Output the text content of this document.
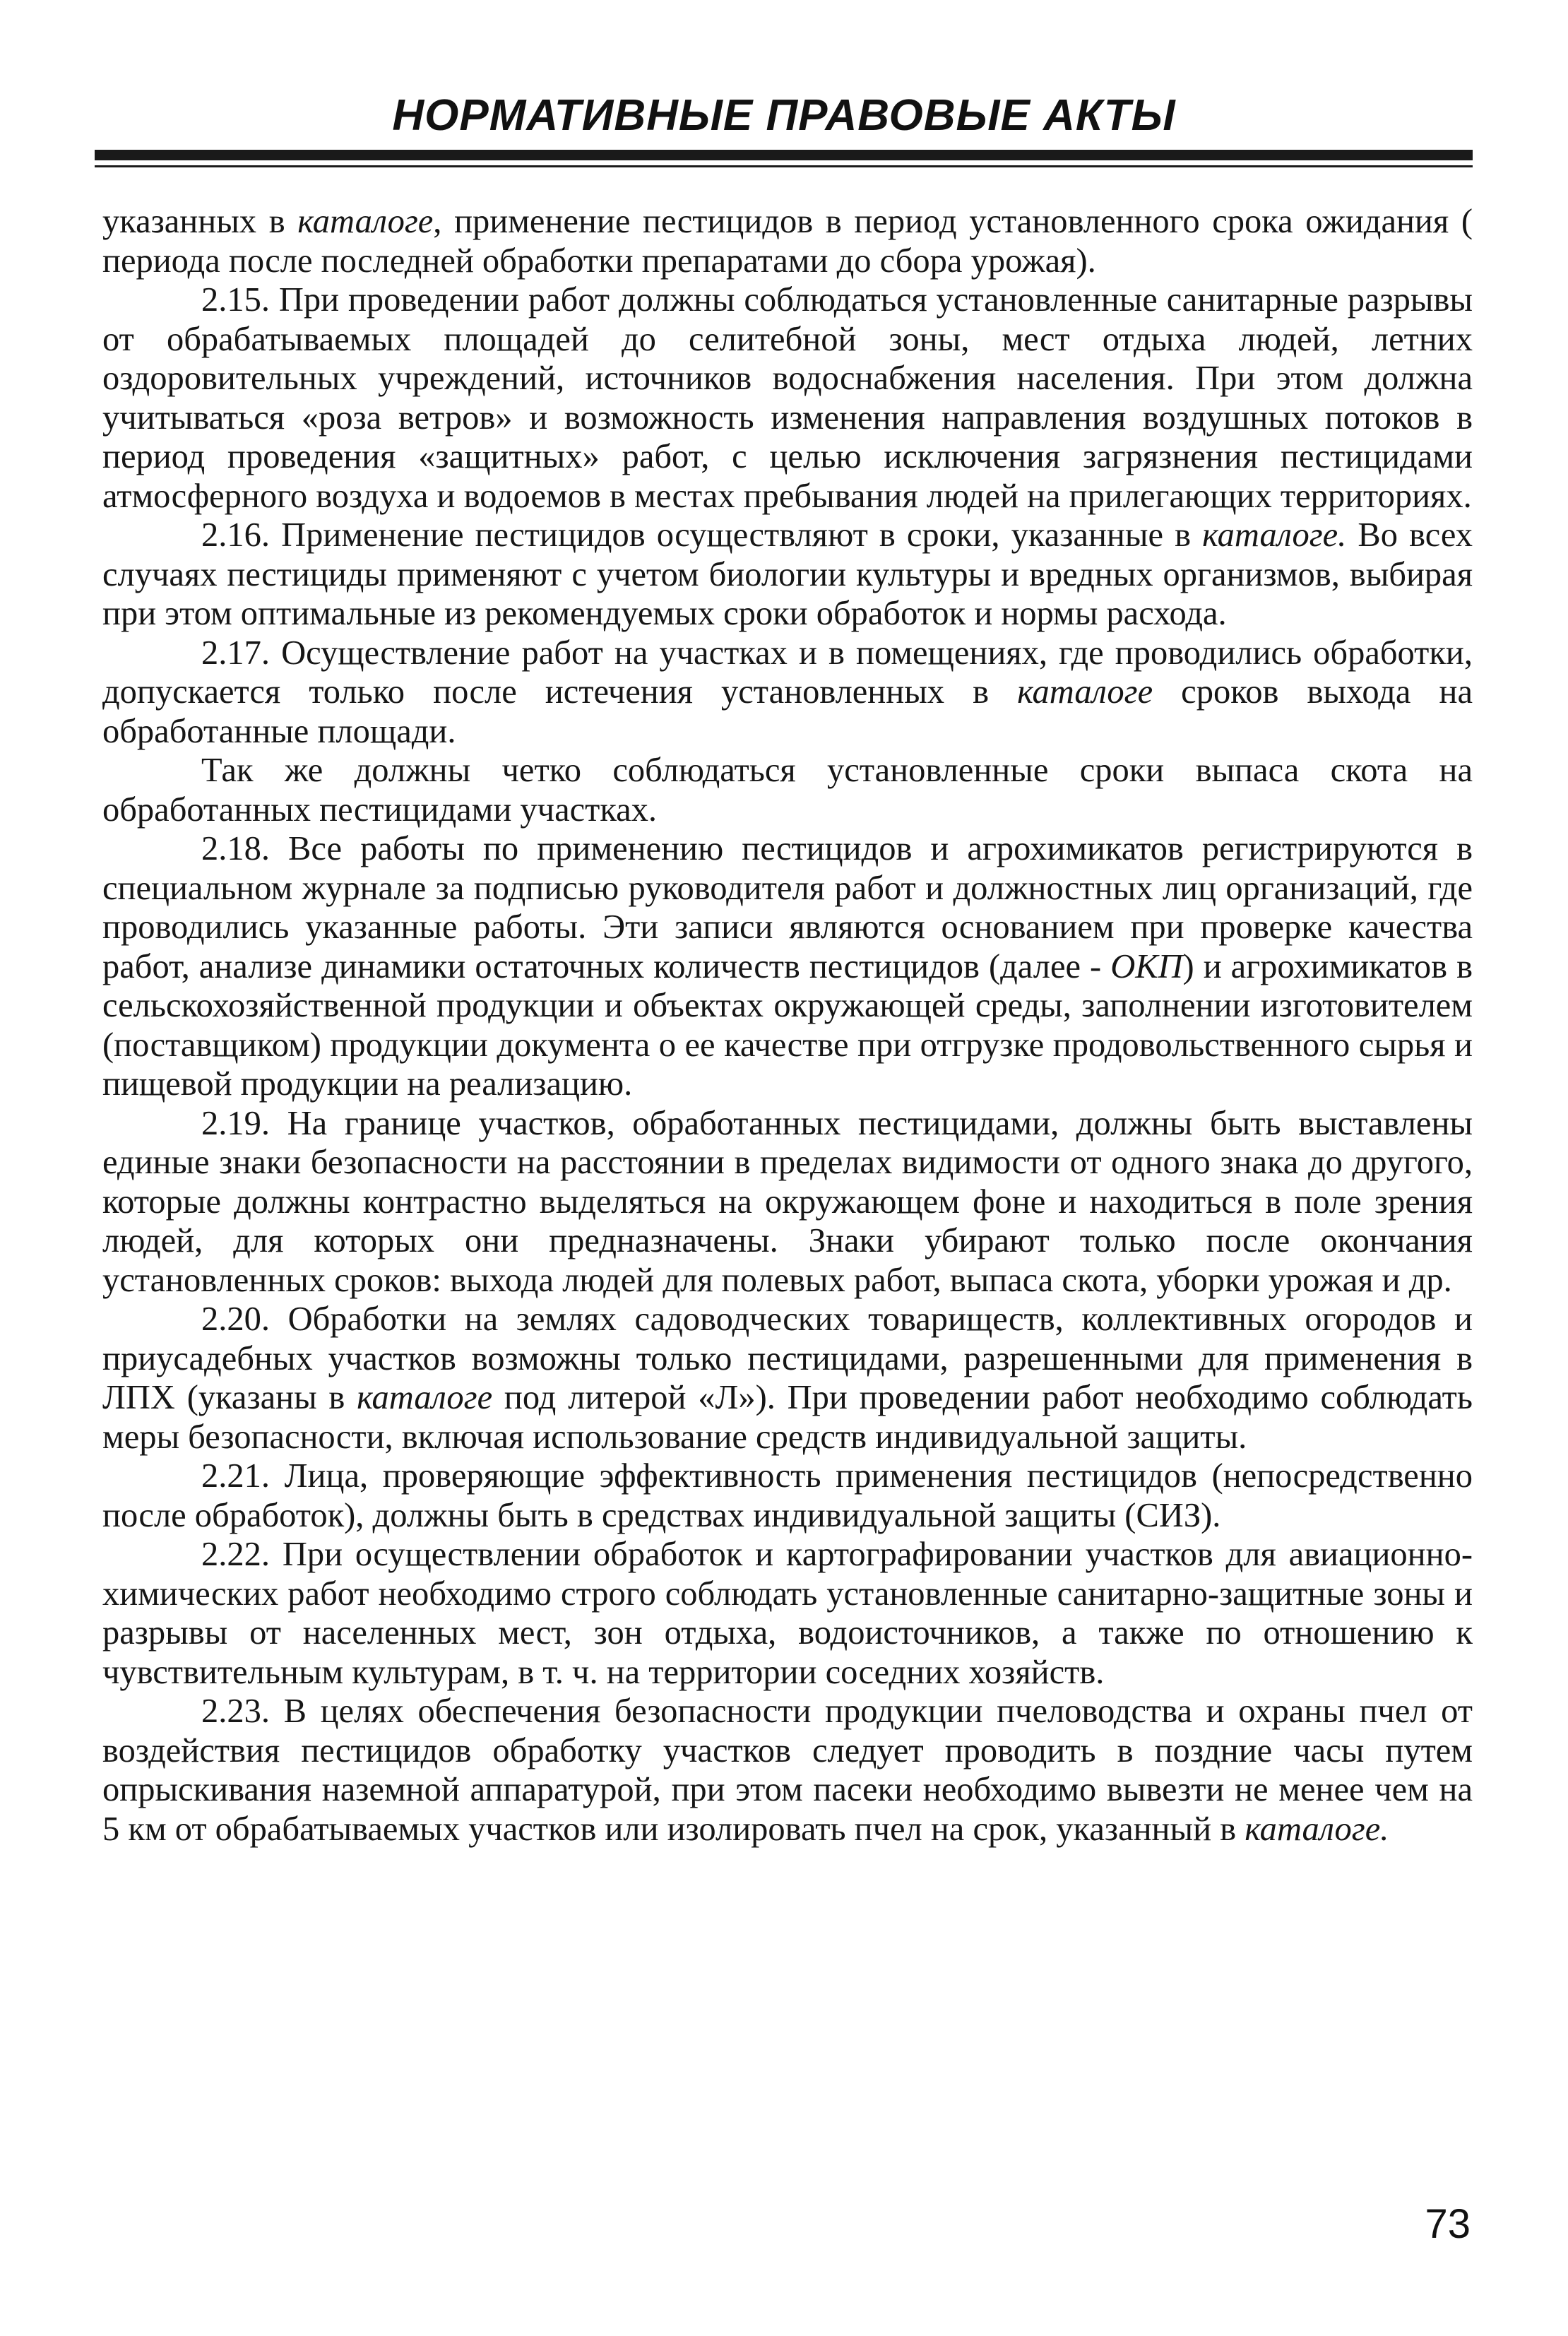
НОРМАТИВНЫЕ ПРАВОВЫЕ АКТЫ

указанных в каталоге, применение пестицидов в период установленного срока ожидания ( периода после последней обработки препаратами до сбора урожая).

2.15. При проведении работ должны соблюдаться установленные санитарные разрывы от обрабатываемых площадей до селитебной зоны, мест отдыха людей, летних оздоровительных учреждений, источников водоснабжения населения. При этом должна учитываться «роза ветров» и возможность изменения направления воздушных потоков в период проведения «защитных» работ, с целью исключения загрязнения пестицидами атмосферного воздуха и водоемов в местах пребывания людей на прилегающих территориях.

2.16. Применение пестицидов осуществляют в сроки, указанные в каталоге. Во всех случаях пестициды применяют с учетом биологии культуры и вредных организмов, выбирая при этом оптимальные из рекомендуемых сроки обработок и нормы расхода.

2.17. Осуществление работ на участках и в помещениях, где проводились обработки, допускается только после истечения установленных в каталоге сроков выхода на обработанные площади.

Так же должны четко соблюдаться установленные сроки выпаса скота на обработанных пестицидами участках.

2.18. Все работы по применению пестицидов и агрохимикатов регистрируются в специальном журнале за подписью руководителя работ и должностных лиц организаций, где проводились указанные работы. Эти записи являются основанием при проверке качества работ, анализе динамики остаточных количеств пестицидов (далее - ОКП) и агрохимикатов в сельскохозяйственной продукции и объектах окружающей среды, заполнении изготовителем (поставщиком) продукции документа о ее качестве при отгрузке продовольственного сырья и пищевой продукции на реализацию.

2.19. На границе участков, обработанных пестицидами, должны быть выставлены единые знаки безопасности на расстоянии в пределах видимости от одного знака до другого, которые должны контрастно выделяться на окружающем фоне и находиться в поле зрения людей, для которых они предназначены. Знаки убирают только после окончания установленных сроков: выхода людей для полевых работ, выпаса скота, уборки урожая и др.

2.20. Обработки на землях садоводческих товариществ, коллективных огородов и приусадебных участков возможны только пестицидами, разрешенными для применения в ЛПХ (указаны в каталоге под литерой «Л»). При проведении работ необходимо соблюдать меры безопасности, включая использование средств индивидуальной защиты.

2.21. Лица, проверяющие эффективность применения пестицидов (непосредственно после обработок), должны быть в средствах индивидуальной защиты (СИЗ).

2.22. При осуществлении обработок и картографировании участков для авиационно-химических работ необходимо строго соблюдать установленные санитарно-защитные зоны и разрывы от населенных мест, зон отдыха, водоисточников, а также по отношению к чувствительным культурам, в т. ч. на территории соседних хозяйств.

2.23. В целях обеспечения безопасности продукции пчеловодства и охраны пчел от воздействия пестицидов обработку участков следует проводить в поздние часы путем опрыскивания наземной аппаратурой, при этом пасеки необходимо вывезти не менее чем на 5 км от обрабатываемых участков или изолировать пчел на срок, указанный в каталоге.

73
